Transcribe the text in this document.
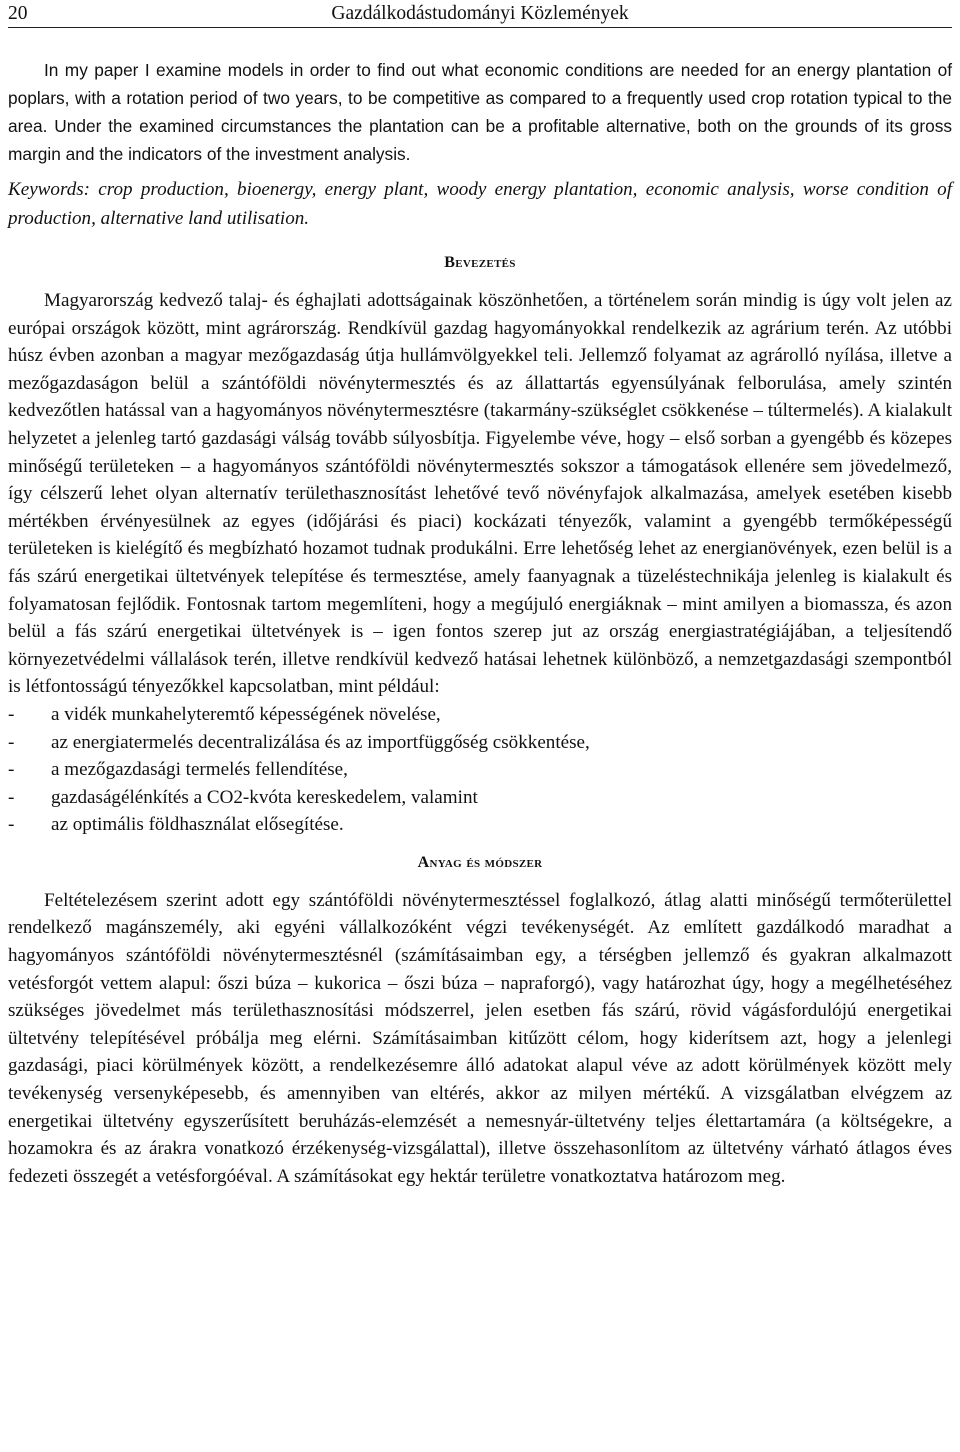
20	Gazdálkodástudományi Közlemények

In my paper I examine models in order to find out what economic conditions are needed for an energy plantation of poplars, with a rotation period of two years, to be competitive as compared to a frequently used crop rotation typical to the area. Under the examined circumstances the plantation can be a profitable alternative, both on the grounds of its gross margin and the indicators of the investment analysis.

Keywords: crop production, bioenergy, energy plant, woody energy plantation, economic analysis, worse condition of production, alternative land utilisation.

Bevezetés

Magyarország kedvező talaj- és éghajlati adottságainak köszönhetően, a történelem során mindig is úgy volt jelen az európai országok között, mint agrárország. Rendkívül gazdag hagyományokkal rendelkezik az agrárium terén. Az utóbbi húsz évben azonban a magyar mezőgazdaság útja hullámvölgyekkel teli. Jellemző folyamat az agrárolló nyílása, illetve a mezőgazdaságon belül a szántóföldi növénytermesztés és az állattartás egyensúlyának felborulása, amely szintén kedvezőtlen hatással van a hagyományos növénytermesztésre (takarmány-szükséglet csökkenése – túltermelés). A kialakult helyzetet a jelenleg tartó gazdasági válság tovább súlyosbítja. Figyelembe véve, hogy – első sorban a gyengébb és közepes minőségű területeken – a hagyományos szántóföldi növénytermesztés sokszor a támogatások ellenére sem jövedelmező, így célszerű lehet olyan alternatív területhasznosítást lehetővé tevő növényfajok alkalmazása, amelyek esetében kisebb mértékben érvényesülnek az egyes (időjárási és piaci) kockázati tényezők, valamint a gyengébb termőképességű területeken is kielégítő és megbízható hozamot tudnak produkálni. Erre lehetőség lehet az energianövények, ezen belül is a fás szárú energetikai ültetvények telepítése és termesztése, amely faanyagnak a tüzeléstechnikája jelenleg is kialakult és folyamatosan fejlődik. Fontosnak tartom megemlíteni, hogy a megújuló energiáknak – mint amilyen a biomassza, és azon belül a fás szárú energetikai ültetvények is – igen fontos szerep jut az ország energiastratégiájában, a teljesítendő környezetvédelmi vállalások terén, illetve rendkívül kedvező hatásai lehetnek különböző, a nemzetgazdasági szempontból is létfontosságú tényezőkkel kapcsolatban, mint például:

- a vidék munkahelyteremtő képességének növelése,
- az energiatermelés decentralizálása és az importfüggőség csökkentése,
- a mezőgazdasági termelés fellendítése,
- gazdaságélénkítés a CO2-kvóta kereskedelem, valamint
- az optimális földhasználat elősegítése.
Anyag és módszer

Feltételezésem szerint adott egy szántóföldi növénytermesztéssel foglalkozó, átlag alatti minőségű termőterülettel rendelkező magánszemély, aki egyéni vállalkozóként végzi tevékenységét. Az említett gazdálkodó maradhat a hagyományos szántóföldi növénytermesztésnél (számításaimban egy, a térségben jellemző és gyakran alkalmazott vetésforgót vettem alapul: őszi búza – kukorica – őszi búza – napraforgó), vagy határozhat úgy, hogy a megélhetéséhez szükséges jövedelmet más területhasznosítási módszerrel, jelen esetben fás szárú, rövid vágásfordulójú energetikai ültetvény telepítésével próbálja meg elérni. Számításaimban kitűzött célom, hogy kiderítsem azt, hogy a jelenlegi gazdasági, piaci körülmények között, a rendelkezésemre álló adatokat alapul véve az adott körülmények között mely tevékenység versenyképesebb, és amennyiben van eltérés, akkor az milyen mértékű. A vizsgálatban elvégzem az energetikai ültetvény egyszerűsített beruházás-elemzését a nemesnyár-ültetvény teljes élettartamára (a költségekre, a hozamokra és az árakra vonatkozó érzékenység-vizsgálattal), illetve összehasonlítom az ültetvény várható átlagos éves fedezeti összegét a vetésforgóéval. A számításokat egy hektár területre vonatkoztatva határozom meg.
